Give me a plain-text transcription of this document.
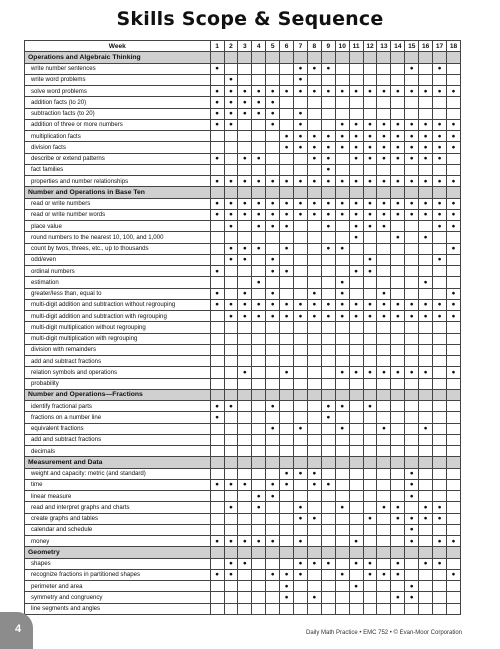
Skills Scope & Sequence
Week	1	2	3	4	5	6	7	8	9	10	11	12	13	14	15	16	17	18
Operations and Algebraic Thinking																		
write number sentences	●						●	●	●						●		●	
write word problems		●					●											
solve word problems	●	●	●	●	●	●	●	●	●	●	●	●	●	●	●	●	●	●
addition facts (to 20)	●	●	●	●	●													
subtraction facts (to 20)	●	●	●	●	●		●											
addition of three or more numbers	●	●			●		●			●	●	●	●	●	●	●	●	●
multiplication facts						●	●	●	●	●	●	●	●	●	●	●	●	●
division facts						●	●	●	●	●	●	●	●	●	●	●	●	●
describe or extend patterns	●		●	●				●	●		●	●	●	●	●	●	●	
fact families									●									
properties and number relationships	●	●	●	●	●	●	●	●	●	●	●	●	●	●	●	●	●	●
Number and Operations in Base Ten																		
read or write numbers	●	●	●	●	●	●	●	●	●	●	●	●	●	●	●	●	●	●
read or write number words	●	●	●	●	●	●	●	●	●	●	●	●	●	●	●	●	●	●
place value		●		●	●	●			●		●	●	●				●	●
round numbers to the nearest 10, 100, and 1,000											●			●		●		
count by twos, threes, etc., up to thousands		●	●	●		●			●	●								●
odd/even		●	●		●							●					●	
ordinal numbers	●				●	●					●	●						
estimation				●						●						●		
greater/less than, equal to	●		●		●			●		●			●					●
multi-digit addition and subtraction without regrouping	●	●	●	●	●	●	●	●	●	●	●	●	●	●	●	●	●	●
multi-digit addition and subtraction with regrouping		●	●	●	●	●	●	●	●	●	●	●	●	●	●	●	●	●
multi-digit multiplication without regrouping																		
multi-digit multiplication with regrouping																		
division with remainders																		
add and subtract fractions																		
relation symbols and operations			●			●				●	●	●	●	●	●	●		●
probability																		
Number and Operations—Fractions																		
identify fractional parts	●	●			●				●	●		●						
fractions on a number line	●								●									
equivalent fractions					●		●			●			●			●		
add and subtract fractions																		
decimals																		
Measurement and Data																		
weight and capacity: metric (and standard)						●	●	●							●			
time	●	●	●		●	●		●	●						●			
linear measure				●	●										●			
read and interpret graphs and charts		●		●			●			●			●	●		●	●	
create graphs and tables							●	●				●		●	●	●	●	
calendar and schedule															●			
money	●	●	●	●	●		●				●				●		●	●
Geometry																		
shapes		●	●				●	●	●		●	●		●		●	●	
recognize fractions in partitioned shapes	●	●			●	●	●			●		●	●	●				●
perimeter and area						●					●				●			
symmetry and congruency						●		●						●	●			
line segments and angles																		
4	Daily Math Practice • EMC 752 • © Evan-Moor Corporation
